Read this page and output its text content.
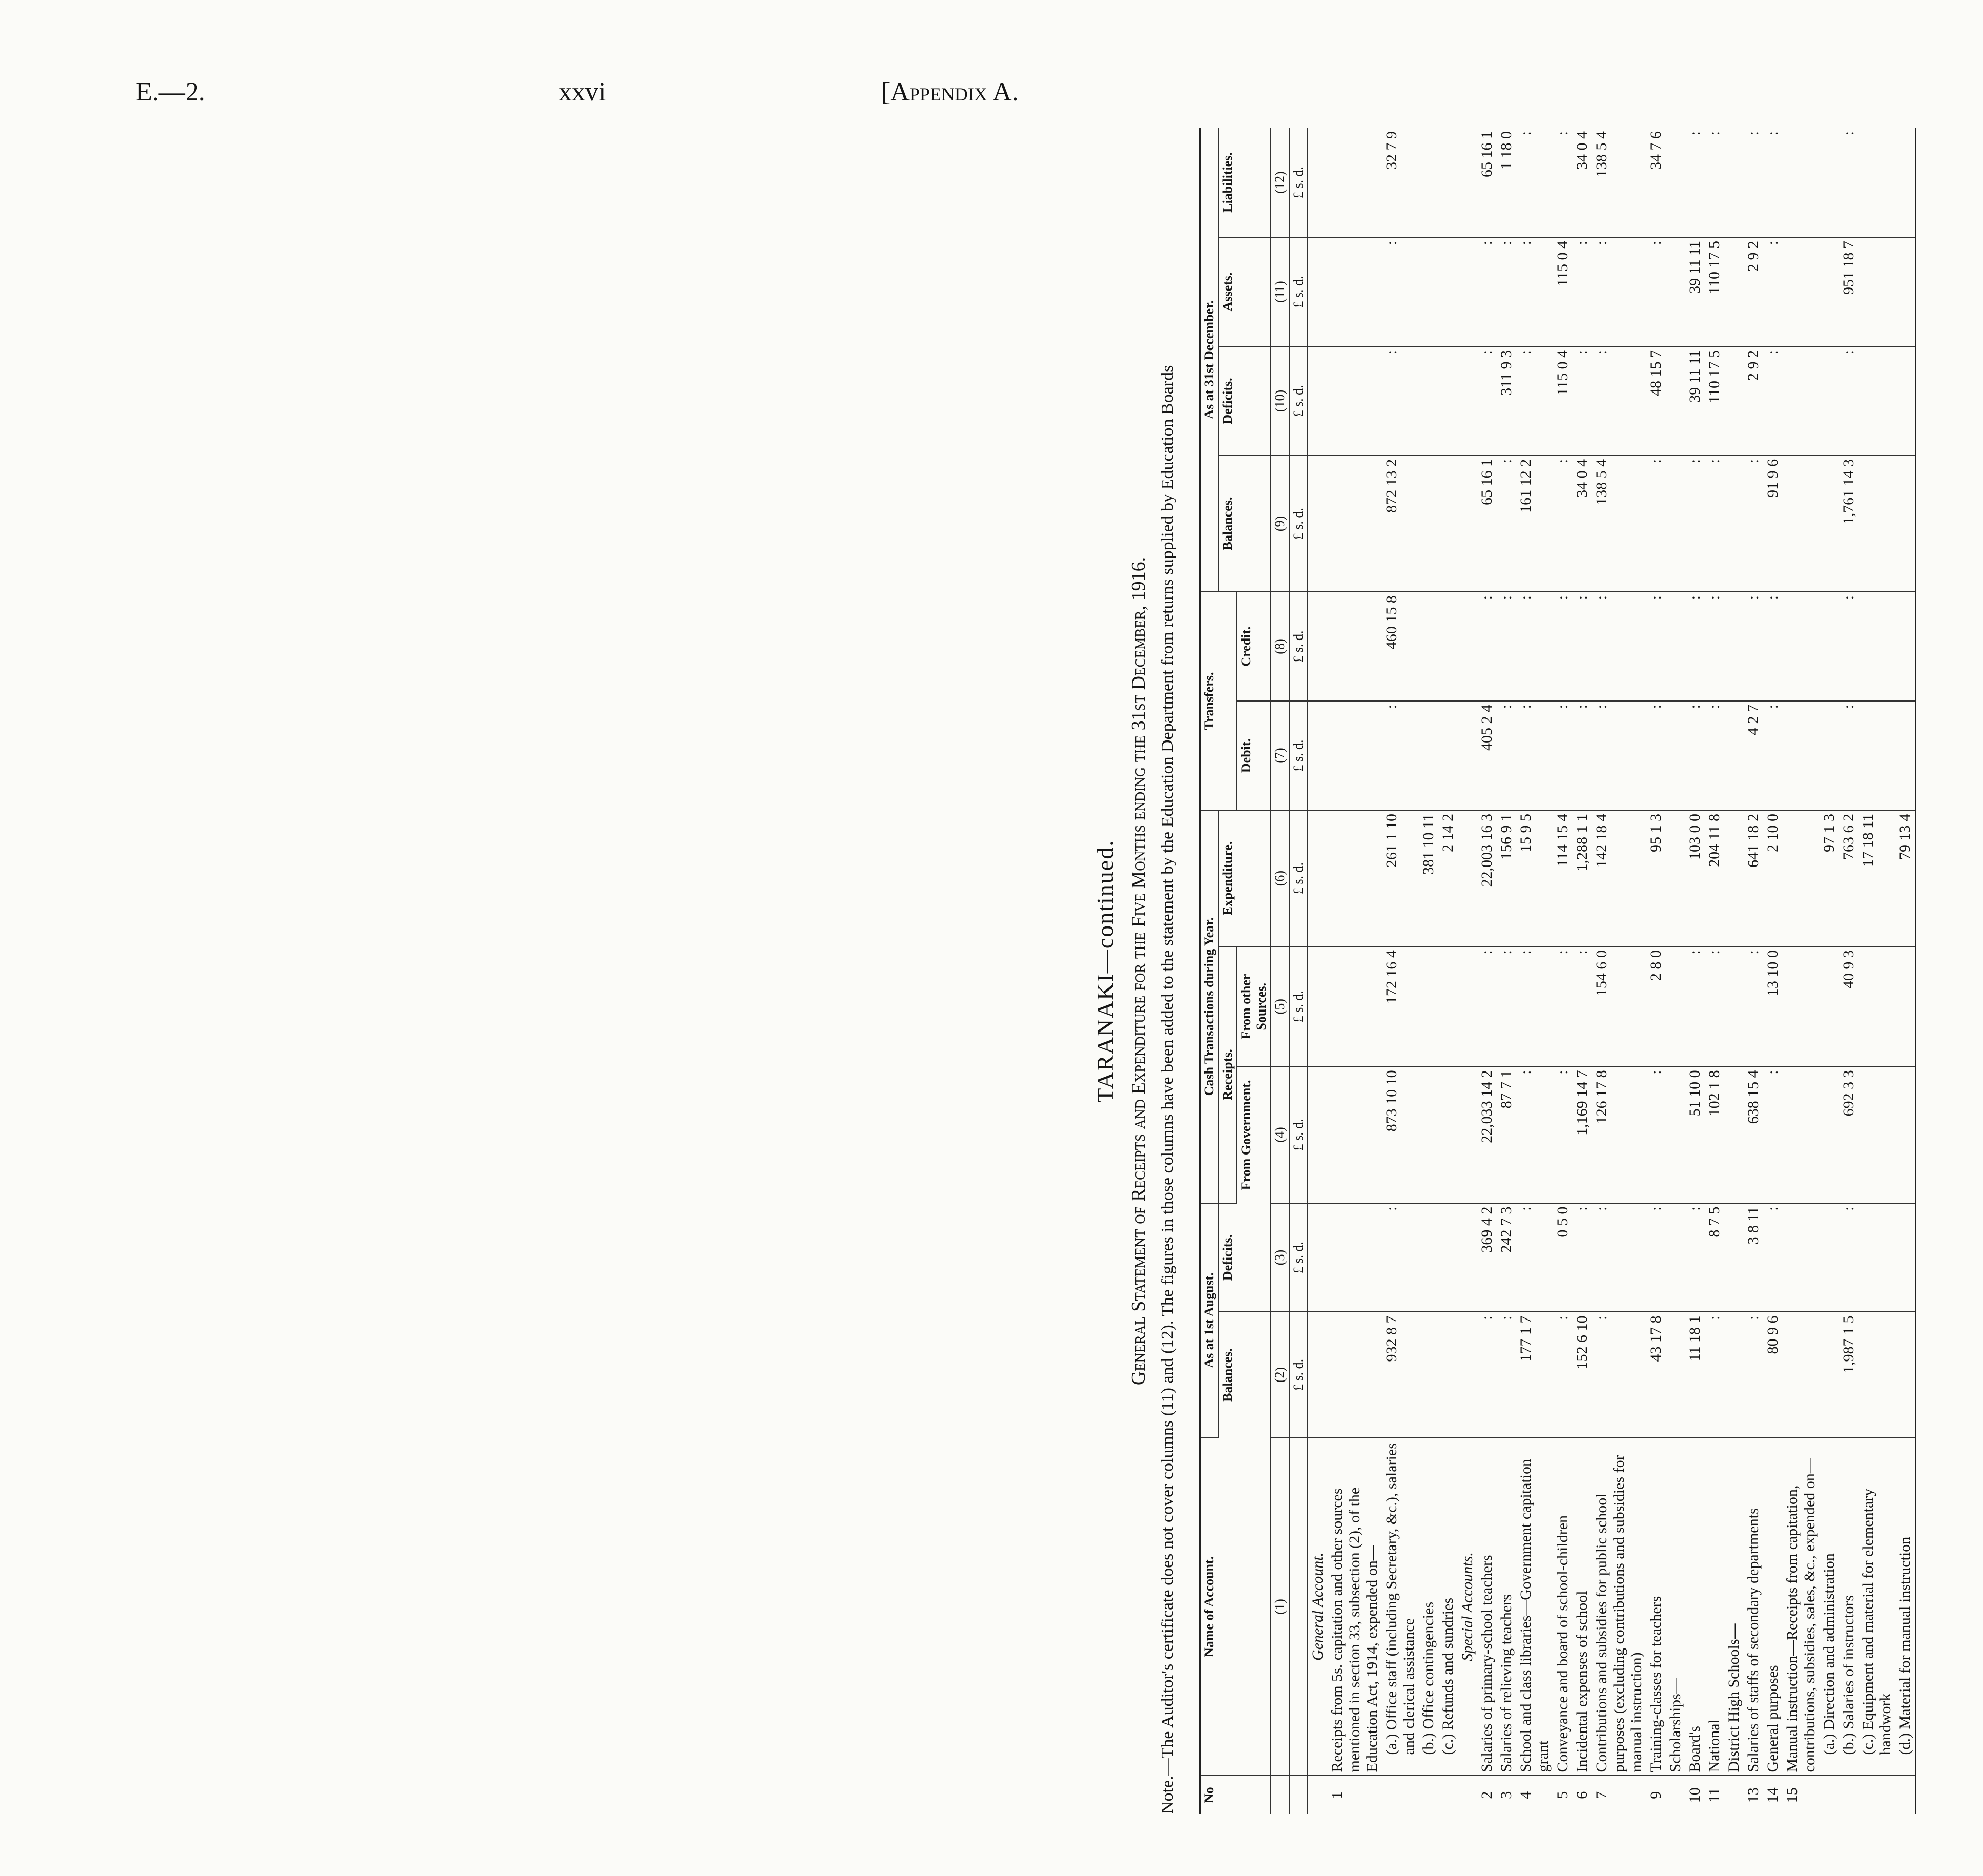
E.—2.	xxvi	[Appendix A.
TARANAKI—continued. General Statement of Receipts and Expenditure for the Five Months ending the 31st December, 1916. Note.—The Auditor's certificate does not cover columns (11) and (12). The figures in those columns have been added to the statement by the Education Department from returns supplied by Education Boards No	Name of Account.	As at 1st August.		Cash Transactions during Year.			Transfers.		As at 31st December.			
		Balances.	Deficits.	Receipts.		Expenditure.			Balances.	Deficits.	Assets.	Liabilities.
				From Government.	From other Sources.		Debit.	Credit.				
	(1)	(2)	(3)	(4)	(5)	(6)	(7)	(8)	(9)	(10)	(11)	(12)
		£ s. d.	£ s. d.	£ s. d.	£ s. d.	£ s. d.	£ s. d.	£ s. d.	£ s. d.	£ s. d.	£ s. d.	£ s. d.
	General Account.											
1	Receipts from 5s. capitation and other sources mentioned in section 33, subsection (2), of the Education Act, 1914, expended on—											
	(a.) Office staff (including Secretary, &c.), salaries and clerical assistance	932 8 7	:	873 10 10	172 16 4	261 1 10	:	460 15 8	872 13 2	:	:	32 7 9
	(b.) Office contingencies					381 10 11						
	(c.) Refunds and sundries					2 14 2						
	Special Accounts.											
2	Salaries of primary-school teachers	:	369 4 2	22,033 14 2	:	22,003 16 3	405 2 4	:	65 16 1	:	:	65 16 1
3	Salaries of relieving teachers	:	242 7 3	87 7 1	:	156 9 1	:	:	:	311 9 3	:	1 18 0
4	School and class libraries—Government capitation grant	177 1 7	:	:	:	15 9 5	:	:	161 12 2	:	:	:
5	Conveyance and board of school-children	:	0 5 0	:	:	114 15 4	:	:	:	115 0 4	115 0 4	:
6	Incidental expenses of school	152 6 10	:	1,169 14 7	:	1,288 1 1	:	:	34 0 4	:	:	34 0 4
7	Contributions and subsidies for public school purposes (excluding contributions and subsidies for manual instruction)	:	:	126 17 8	154 6 0	142 18 4	:	:	138 5 4	:	:	138 5 4
9	Training-classes for teachers	43 17 8	:	:	2 8 0	95 1 3	:	:	:	48 15 7	:	34 7 6
	Scholarships—											
10	Board's	11 18 1	:	51 10 0	:	103 0 0	:	:	:	39 11 11	39 11 11	:
11	National	:	8 7 5	102 1 8	:	204 11 8	:	:	:	110 17 5	110 17 5	:
	District High Schools—											
13	Salaries of staffs of secondary departments	:	3 8 11	638 15 4	:	641 18 2	4 2 7	:	:	2 9 2	2 9 2	:
14	General purposes	80 9 6	:	:	13 10 0	2 10 0	:	:	91 9 6	:	:	:
15	Manual instruction—Receipts from capitation, contributions, subsidies, sales, &c., expended on—											
	(a.) Direction and administration					97 1 3						
	(b.) Salaries of instructors	1,987 1 5	:	692 3 3	40 9 3	763 6 2	:	:	1,761 14 3	:	951 18 7	:
	(c.) Equipment and material for elementary handwork					17 18 11						
	(d.) Material for manual instruction					79 13 4						
